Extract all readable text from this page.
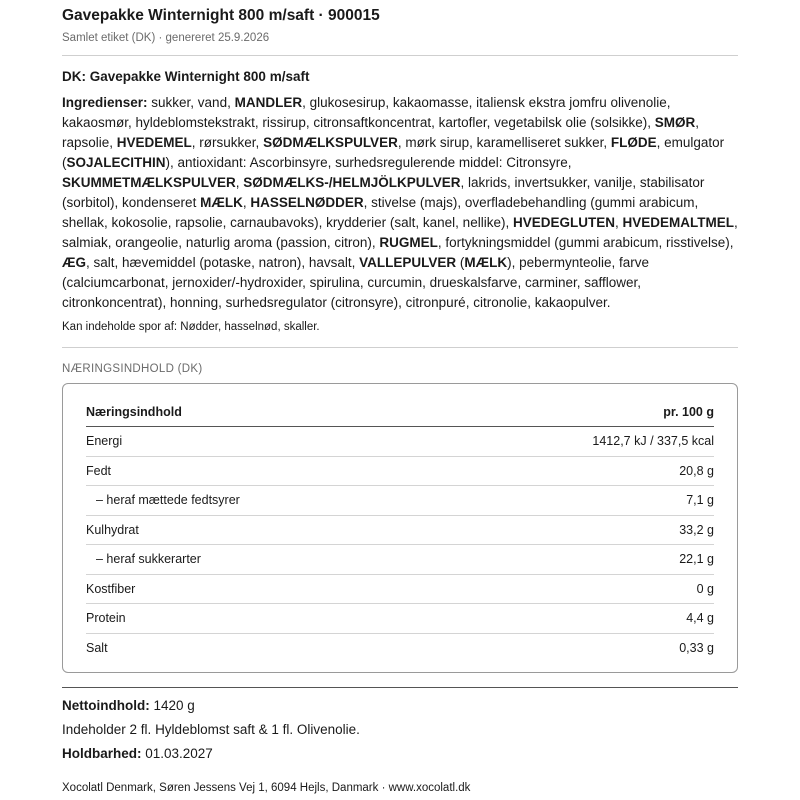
Gavepakke Winternight 800 m/saft · 900015
Samlet etiket (DK) · genereret 25.9.2026
DK: Gavepakke Winternight 800 m/saft
Ingredienser: sukker, vand, MANDLER, glukosesirup, kakaomasse, italiensk ekstra jomfru olivenolie, kakaosmør, hyldeblomstekstrakt, rissirup, citronsaftkoncentrat, kartofler, vegetabilsk olie (solsikke), SMØR, rapsolie, HVEDEMEL, rørsukker, SØDMÆLKSPULVER, mørk sirup, karamelliseret sukker, FLØDE, emulgator (SOJALECITHIN), antioxidant: Ascorbinsyre, surhedsregulerende middel: Citronsyre, SKUMMETMÆLKSPULVER, SØDMÆLKS-/HELMJÖLKPULVER, lakrids, invertsukker, vanilje, stabilisator (sorbitol), kondenseret MÆLK, HASSELNØDDER, stivelse (majs), overfladebehandling (gummi arabicum, shellak, kokosolie, rapsolie, carnaubavoks), krydderier (salt, kanel, nellike), HVEDEGLUTEN, HVEDEMALTMEL, salmiak, orangeolie, naturlig aroma (passion, citron), RUGMEL, fortykningsmiddel (gummi arabicum, risstivelse), ÆG, salt, hævemiddel (potaske, natron), havsalt, VALLEPULVER (MÆLK), pebermynteolie, farve (calciumcarbonat, jernoxider/-hydroxider, spirulina, curcumin, drueskalsfarve, carminer, safflower, citronkoncentrat), honning, surhedsregulator (citronsyre), citronpuré, citronolie, kakaopulver.
Kan indeholde spor af: Nødder, hasselnød, skaller.
NÆRINGSINDHOLD (DK)
Næringsindhold	pr. 100 g
Energi	1412,7 kJ / 337,5 kcal
Fedt	20,8 g
– heraf mættede fedtsyrer	7,1 g
Kulhydrat	33,2 g
– heraf sukkerarter	22,1 g
Kostfiber	0 g
Protein	4,4 g
Salt	0,33 g
Nettoindhold: 1420 g
Indeholder 2 fl. Hyldeblomst saft & 1 fl. Olivenolie.
Holdbarhed: 01.03.2027
Xocolatl Denmark, Søren Jessens Vej 1, 6094 Hejls, Danmark · www.xocolatl.dk
